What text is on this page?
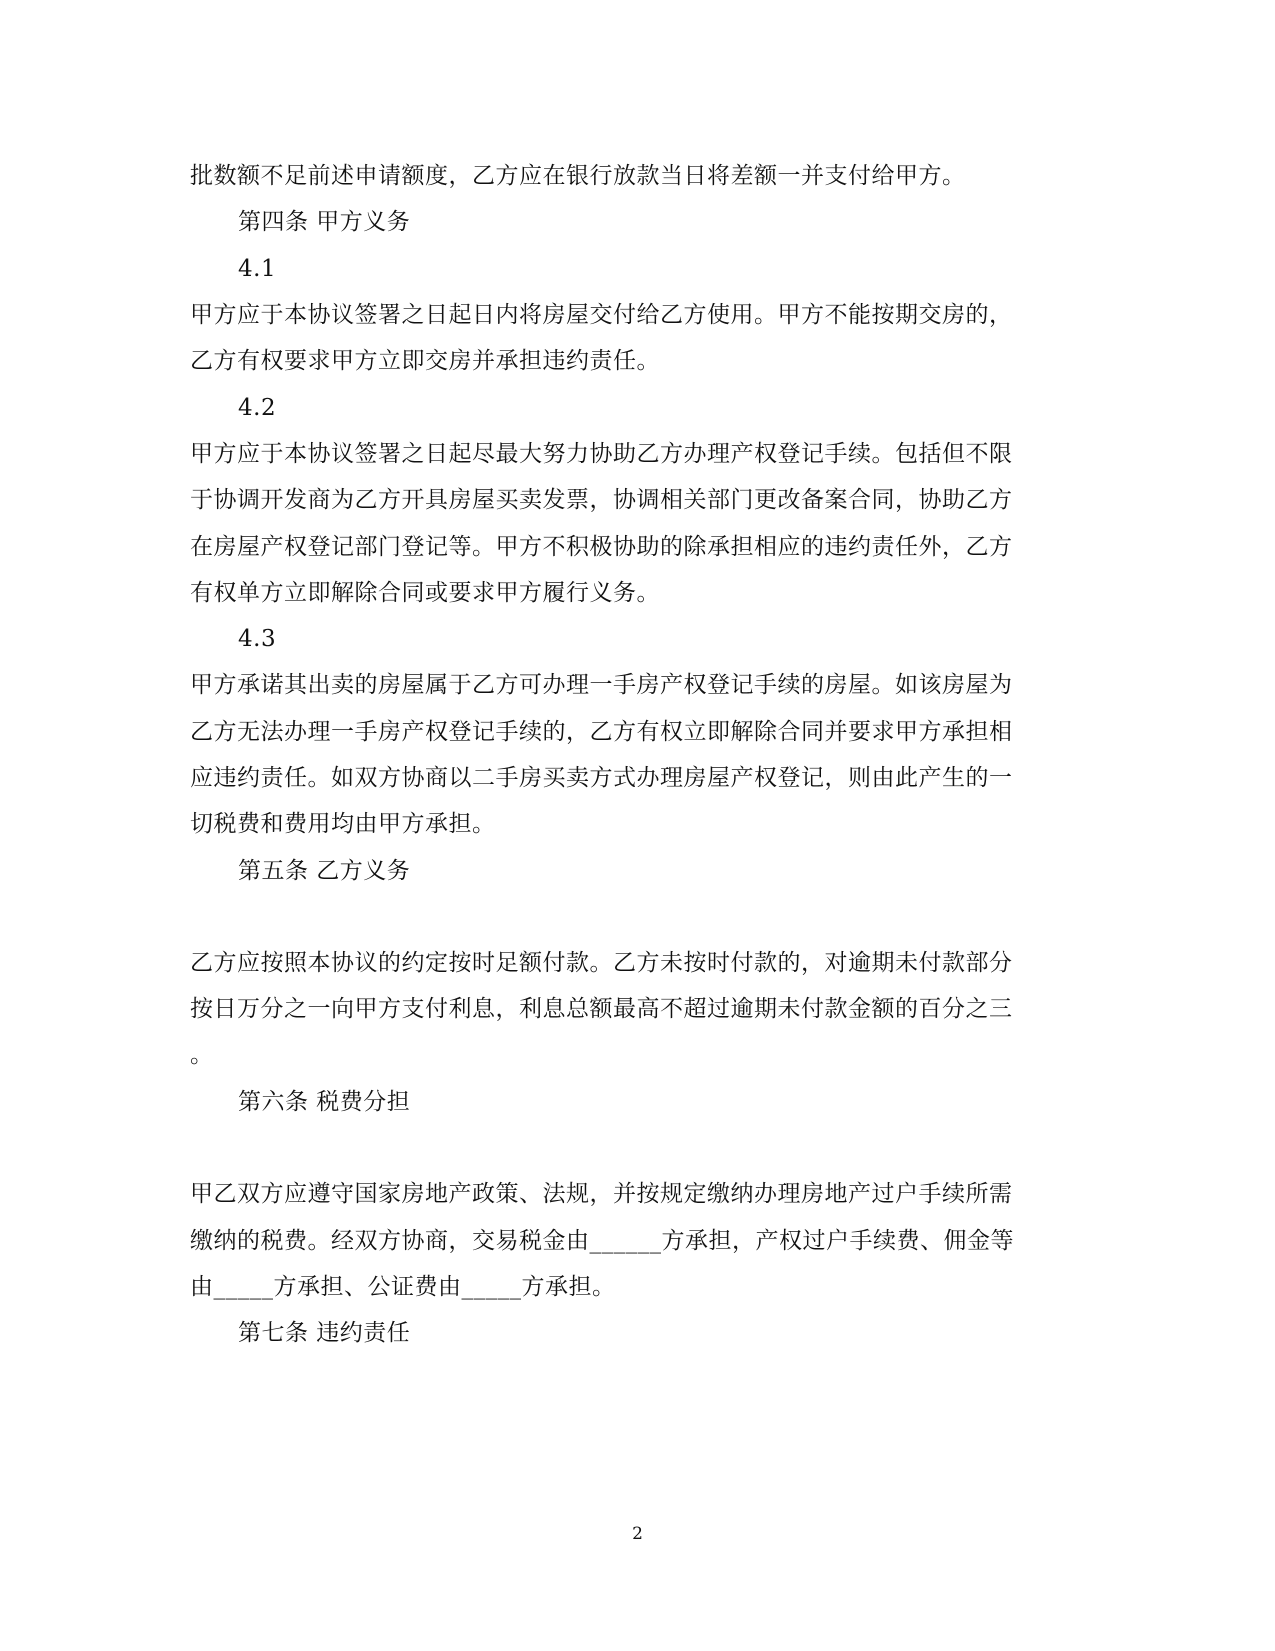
批数额不足前述申请额度，乙方应在银行放款当日将差额一并支付给甲方。
第四条 甲方义务
4.1
甲方应于本协议签署之日起日内将房屋交付给乙方使用。甲方不能按期交房的，
乙方有权要求甲方立即交房并承担违约责任。
4.2
甲方应于本协议签署之日起尽最大努力协助乙方办理产权登记手续。包括但不限
于协调开发商为乙方开具房屋买卖发票，协调相关部门更改备案合同，协助乙方
在房屋产权登记部门登记等。甲方不积极协助的除承担相应的违约责任外，乙方
有权单方立即解除合同或要求甲方履行义务。
4.3
甲方承诺其出卖的房屋属于乙方可办理一手房产权登记手续的房屋。如该房屋为
乙方无法办理一手房产权登记手续的，乙方有权立即解除合同并要求甲方承担相
应违约责任。如双方协商以二手房买卖方式办理房屋产权登记，则由此产生的一
切税费和费用均由甲方承担。
第五条 乙方义务
乙方应按照本协议的约定按时足额付款。乙方未按时付款的，对逾期未付款部分
按日万分之一向甲方支付利息，利息总额最高不超过逾期未付款金额的百分之三
。
第六条 税费分担
甲乙双方应遵守国家房地产政策、法规，并按规定缴纳办理房地产过户手续所需
缴纳的税费。经双方协商，交易税金由______方承担，产权过户手续费、佣金等
由_____方承担、公证费由_____方承担。
第七条 违约责任
2
